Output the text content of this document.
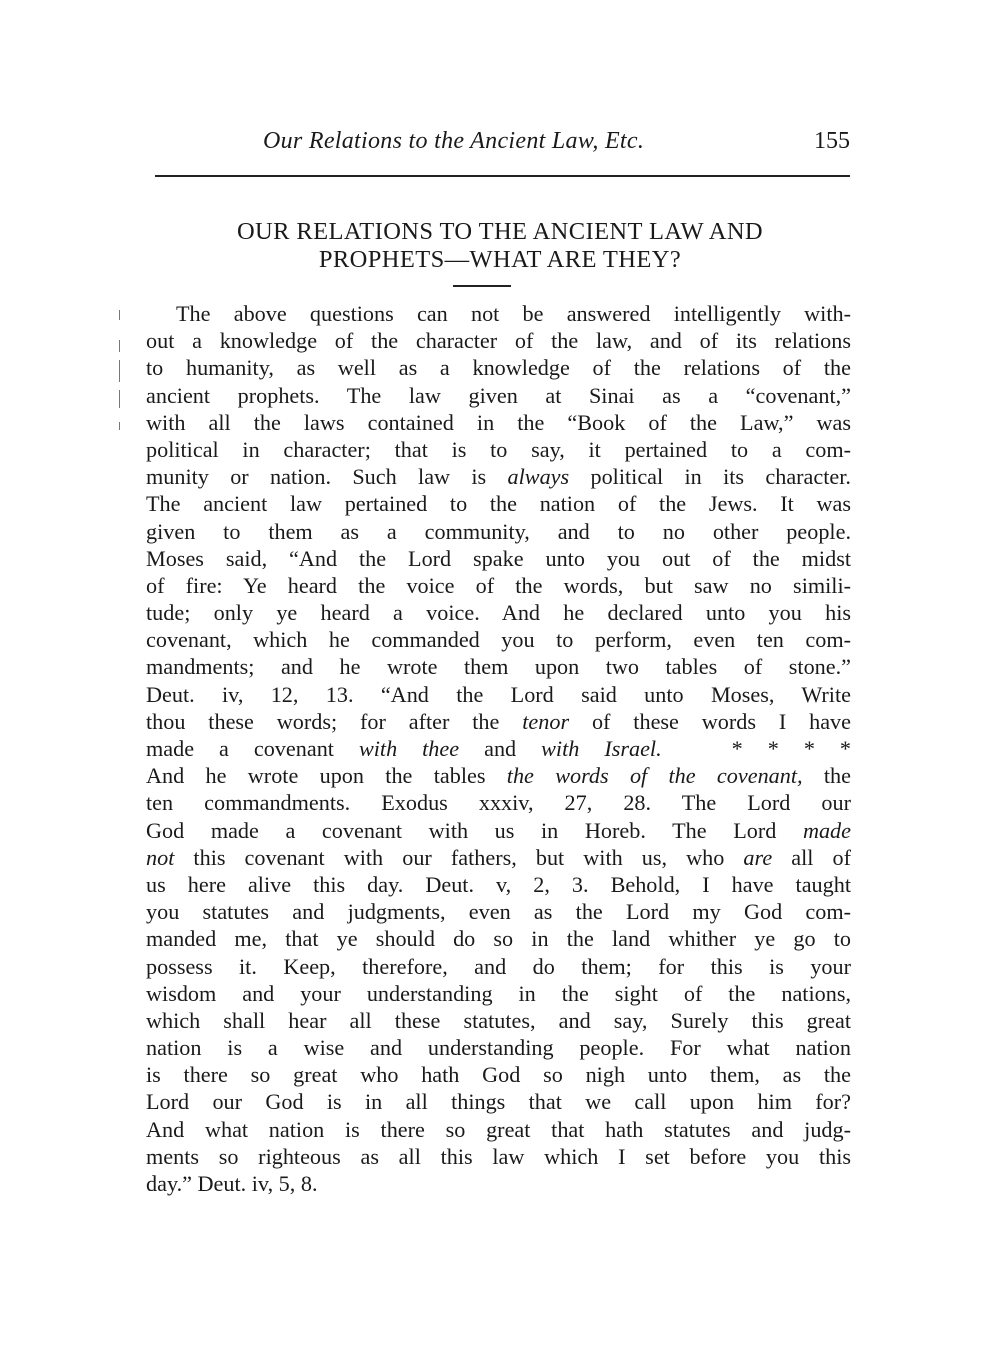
Our Relations to the Ancient Law, Etc.	155
OUR RELATIONS TO THE ANCIENT LAW AND
PROPHETS—WHAT ARE THEY?
The above questions can not be answered intelligently with-
out a knowledge of the character of the law, and of its relations
to humanity, as well as a knowledge of the relations of the
ancient prophets. The law given at Sinai as a “covenant,”
with all the laws contained in the “Book of the Law,” was
political in character; that is to say, it pertained to a com-
munity or nation. Such law is always political in its character.
The ancient law pertained to the nation of the Jews. It was
given to them as a community, and to no other people.
Moses said, “And the Lord spake unto you out of the midst
of fire: Ye heard the voice of the words, but saw no simili-
tude; only ye heard a voice. And he declared unto you his
covenant, which he commanded you to perform, even ten com-
mandments; and he wrote them upon two tables of stone.”
Deut. iv, 12, 13. “And the Lord said unto Moses, Write
thou these words; for after the tenor of these words I have
made a covenant with thee and with Israel.	* * * *
And he wrote upon the tables the words of the covenant, the
ten commandments. Exodus xxxiv, 27, 28. The Lord our
God made a covenant with us in Horeb. The Lord made
not this covenant with our fathers, but with us, who are all of
us here alive this day. Deut. v, 2, 3. Behold, I have taught
you statutes and judgments, even as the Lord my God com-
manded me, that ye should do so in the land whither ye go to
possess it. Keep, therefore, and do them; for this is your
wisdom and your understanding in the sight of the nations,
which shall hear all these statutes, and say, Surely this great
nation is a wise and understanding people. For what nation
is there so great who hath God so nigh unto them, as the
Lord our God is in all things that we call upon him for?
And what nation is there so great that hath statutes and judg-
ments so righteous as all this law which I set before you this
day.” Deut. iv, 5, 8.
